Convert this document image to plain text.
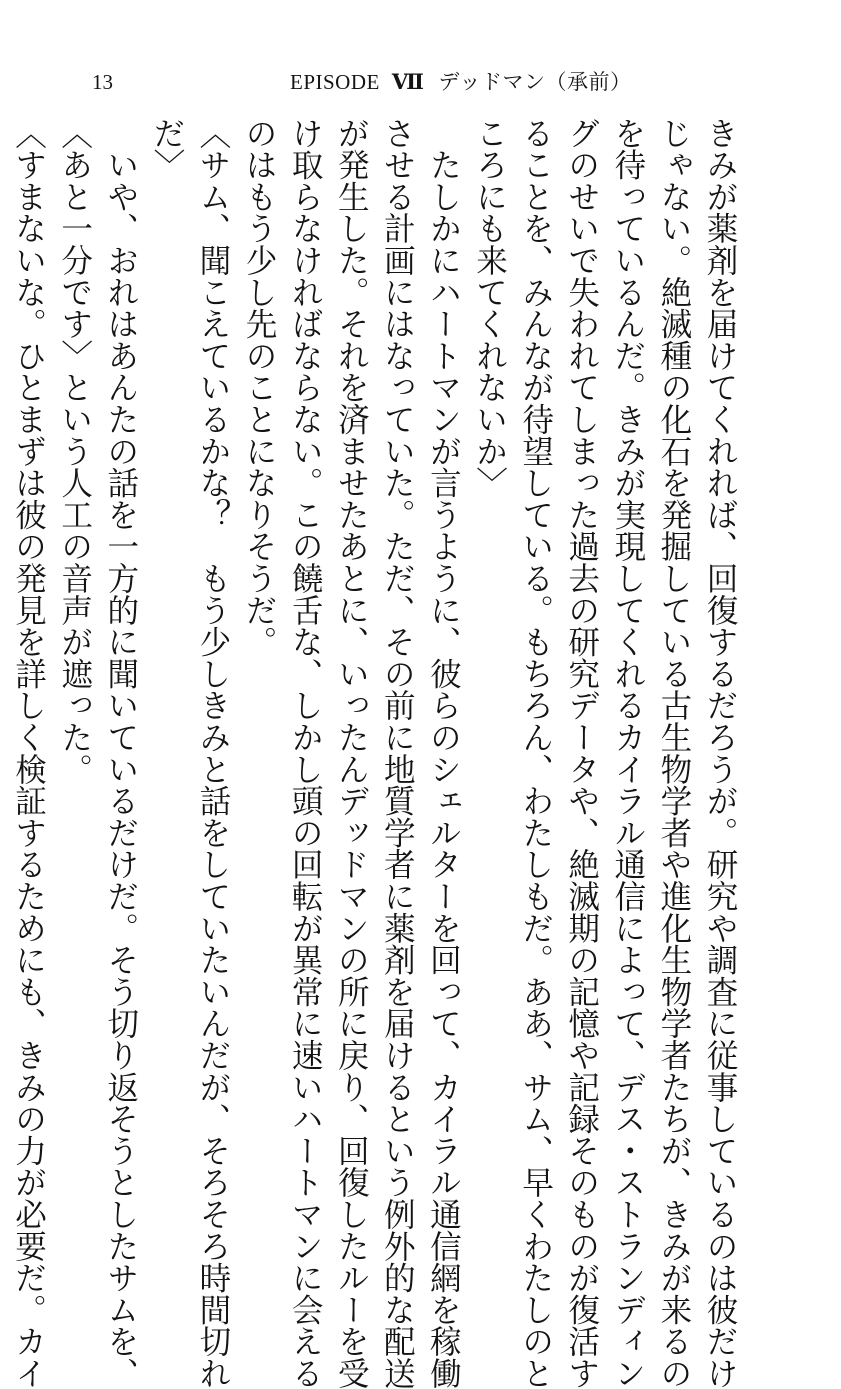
13	EPISODE Ⅶ デッドマン（承前）

きみが薬剤を届けてくれれば、回復するだろうが。研究や調査に従事しているのは彼だけ

じゃない。絶滅種の化石を発掘している古生物学者や進化生物学者たちが、きみが来るの

を待っているんだ。きみが実現してくれるカイラル通信によって、デス・ストランディン

グのせいで失われてしまった過去の研究データや、絶滅期の記憶や記録そのものが復活す

ることを、みんなが待望している。もちろん、わたしもだ。ああ、サム、早くわたしのと

ころにも来てくれないか〉

　たしかにハートマンが言うように、彼らのシェルターを回って、カイラル通信網を稼働

させる計画にはなっていた。ただ、その前に地質学者に薬剤を届けるという例外的な配送

が発生した。それを済ませたあとに、いったんデッドマンの所に戻り、回復したルーを受

け取らなければならない。この饒舌な、しかし頭の回転が異常に速いハートマンに会える

のはもう少し先のことになりそうだ。

〈サム、聞こえているかな？　もう少しきみと話をしていたいんだが、そろそろ時間切れ

だ〉

　いや、おれはあんたの話を一方的に聞いているだけだ。そう切り返そうとしたサムを、

〈あと一分です〉という人工の音声が遮った。

〈すまないな。ひとまずは彼の発見を詳しく検証するためにも、きみの力が必要だ。カイ
